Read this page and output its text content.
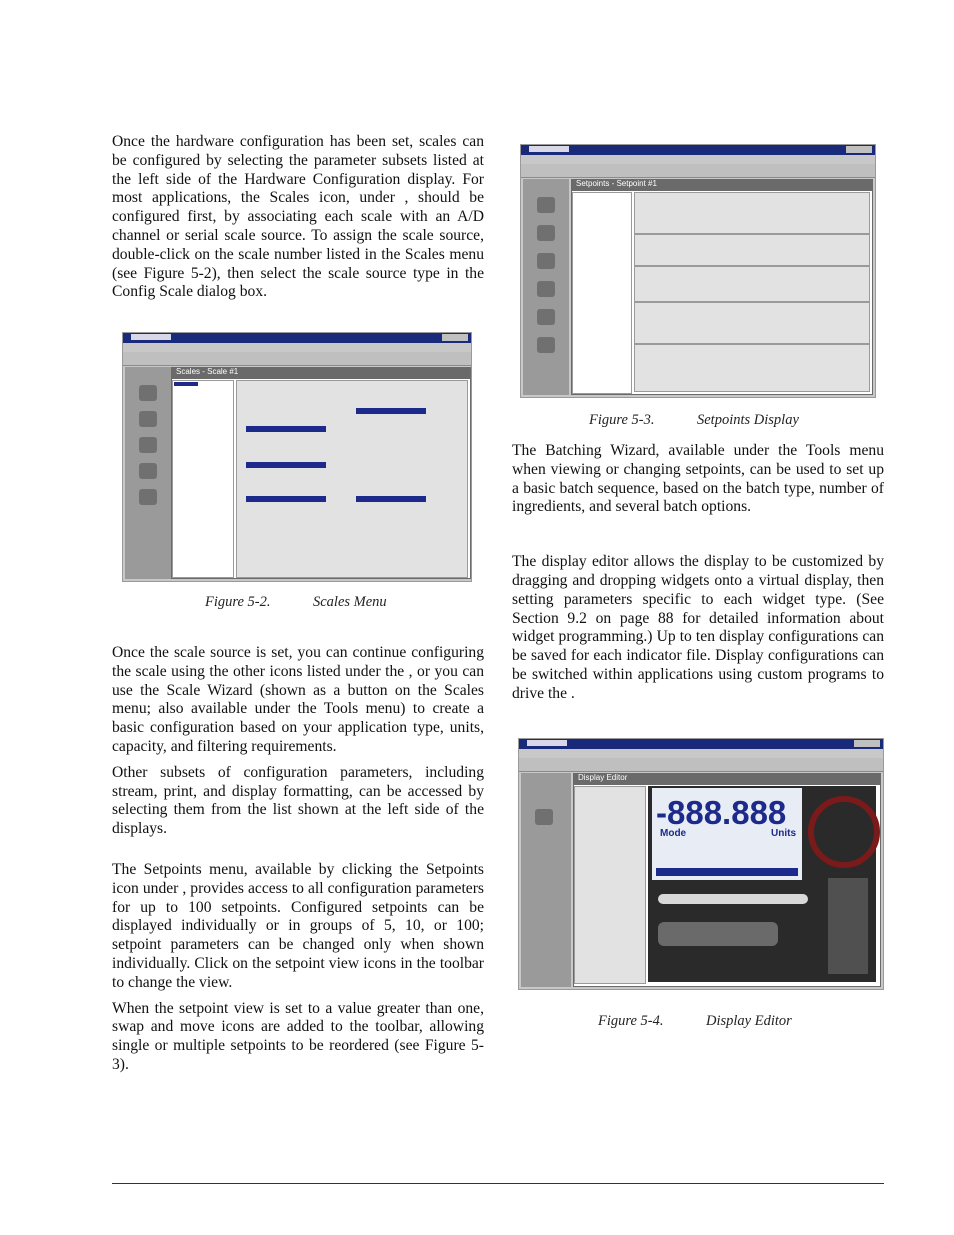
Once the hardware configuration has been set, scales can be configured by selecting the parameter subsets listed at the left side of the Hardware Configuration display. For most applications, the Scales icon, under , should be configured first, by associating each scale with an A/D channel or serial scale source. To assign the scale source, double-click on the scale number listed in the Scales menu (see Figure 5-2), then select the scale source type in the Config Scale dialog box.

Scales - Scale #1
Figure 5-2.	Scales Menu

Once the scale source is set, you can continue configuring the scale using the other icons listed under the , or you can use the Scale Wizard (shown as a button on the Scales menu; also available under the Tools menu) to create a basic configuration based on your application type, units, capacity, and filtering requirements.

Other subsets of configuration parameters, including stream, print, and display formatting, can be accessed by selecting them from the list shown at the left side of the displays.

The Setpoints menu, available by clicking the Setpoints icon under , provides access to all configuration parameters for up to 100 setpoints. Configured setpoints can be displayed individually or in groups of 5, 10, or 100; setpoint parameters can be changed only when shown individually. Click on the setpoint view icons in the toolbar to change the view.

When the setpoint view is set to a value greater than one, swap and move icons are added to the toolbar, allowing single or multiple setpoints to be reordered (see Figure 5-3).

Setpoints - Setpoint #1
Figure 5-3.	Setpoints Display

The Batching Wizard, available under the Tools menu when viewing or changing setpoints, can be used to set up a basic batch sequence, based on the batch type, number of ingredients, and several batch options.

The display editor allows the display to be customized by dragging and dropping widgets onto a virtual display, then setting parameters specific to each widget type. (See Section 9.2 on page 88 for detailed information about widget programming.) Up to ten display configurations can be saved for each indicator file. Display configurations can be switched within applications using custom programs to drive the .

Display Editor
-888.888
Mode	Units
Figure 5-4.	Display Editor
